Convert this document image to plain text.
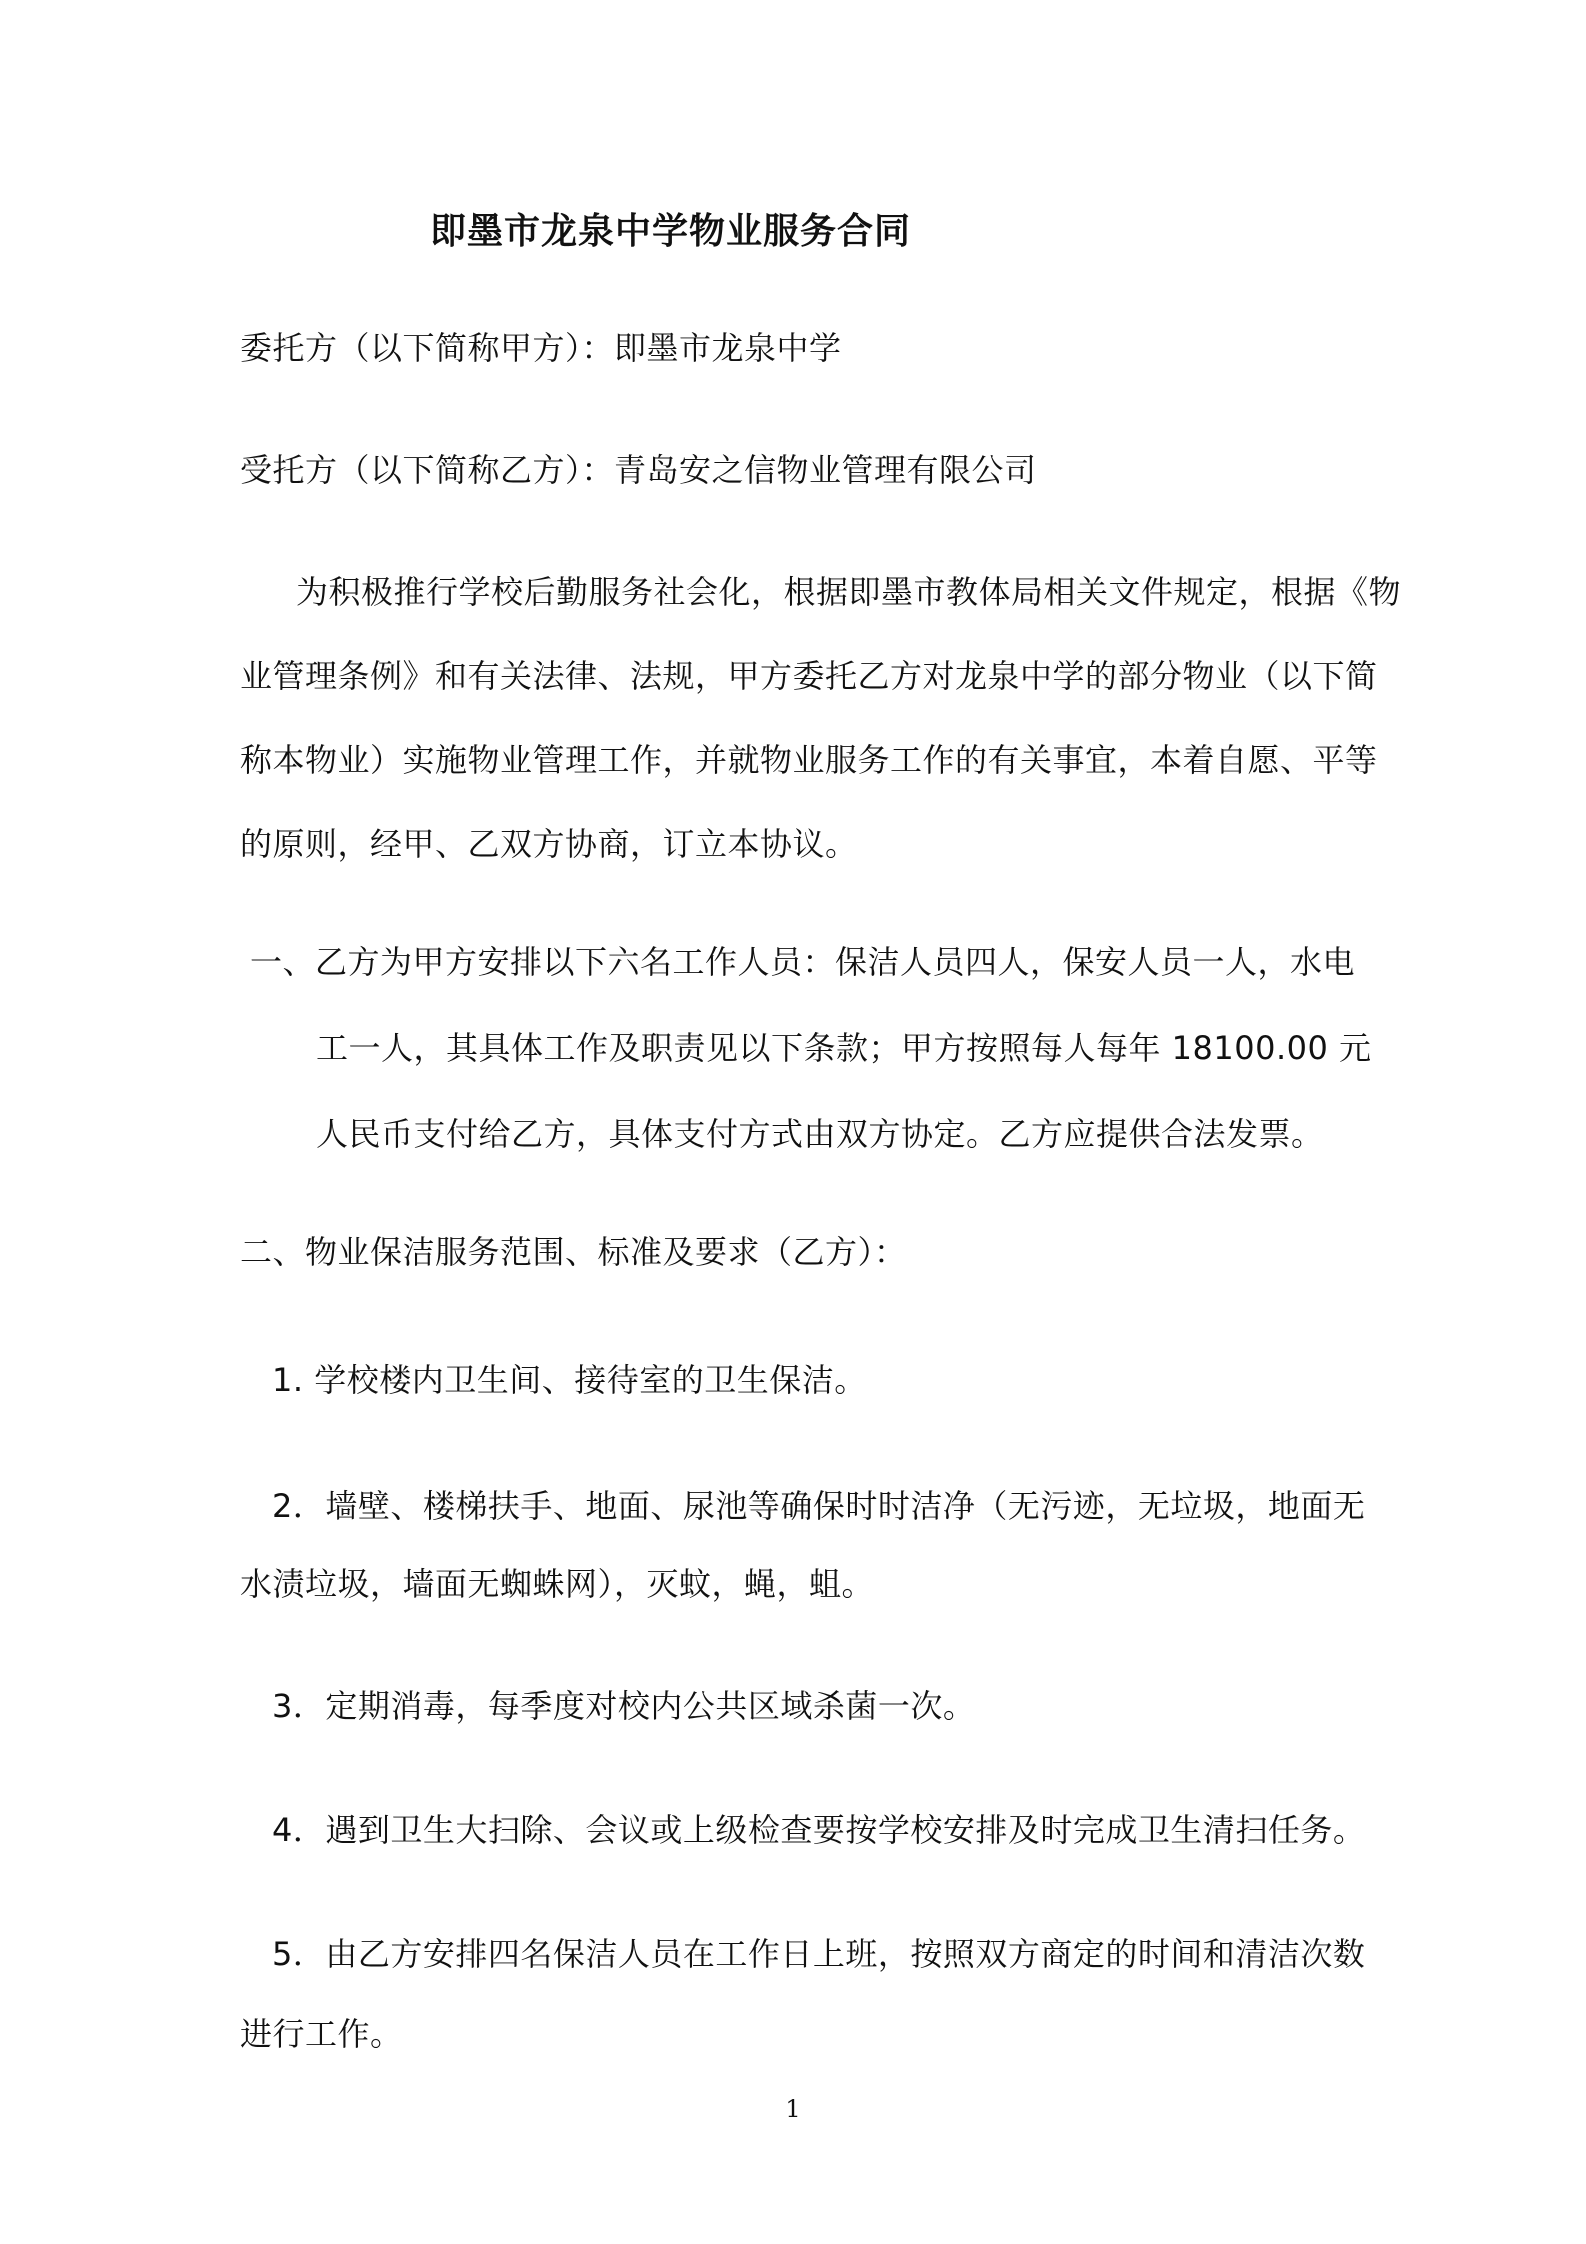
即墨市龙泉中学物业服务合同
委托方（以下简称甲方）：即墨市龙泉中学
受托方（以下简称乙方）：青岛安之信物业管理有限公司
为积极推行学校后勤服务社会化，根据即墨市教体局相关文件规定，根据《物
业管理条例》和有关法律、法规，甲方委托乙方对龙泉中学的部分物业（以下简
称本物业）实施物业管理工作，并就物业服务工作的有关事宜，本着自愿、平等
的原则，经甲、乙双方协商，订立本协议。
一、乙方为甲方安排以下六名工作人员：保洁人员四人，保安人员一人，水电
工一人，其具体工作及职责见以下条款；甲方按照每人每年 18100.00 元
人民币支付给乙方，具体支付方式由双方协定。乙方应提供合法发票。
二、物业保洁服务范围、标准及要求（乙方）：
1. 学校楼内卫生间、接待室的卫生保洁。
2．墙壁、楼梯扶手、地面、尿池等确保时时洁净（无污迹，无垃圾，地面无
水渍垃圾，墙面无蜘蛛网），灭蚊，蝇，蛆。
3．定期消毒，每季度对校内公共区域杀菌一次。
4．遇到卫生大扫除、会议或上级检查要按学校安排及时完成卫生清扫任务。
5．由乙方安排四名保洁人员在工作日上班，按照双方商定的时间和清洁次数
进行工作。
1
